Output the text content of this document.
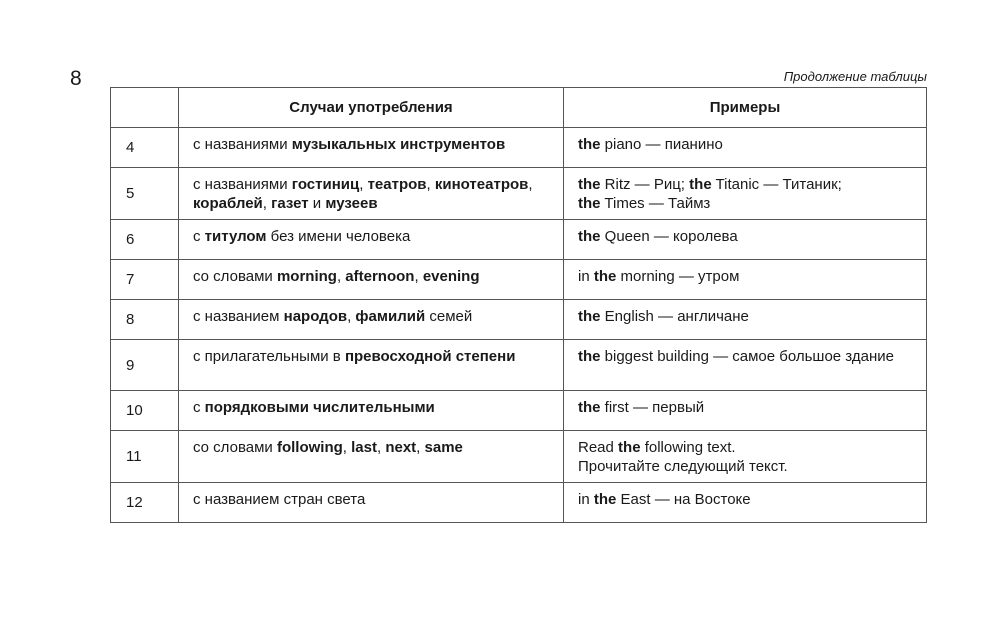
8	Продолжение таблицы
	Случаи употребления	Примеры
4	с названиями музыкальных инструментов	the piano — пианино

5	с названиями гостиниц, театров, кинотеатров, кораблей, газет и музеев	the Ritz — Риц; the Titanic — Титаник;
the Times — Таймз

6	с титулом без имени человека	the Queen — королева

7	со словами morning, afternoon, evening	in the morning — утром

8	с названием народов, фамилий семей	the English — англичане

9	с прилагательными в превосходной степени	the biggest building — самое большое здание

10	с порядковыми числительными	the first — первый

11	со словами following, last, next, same	Read the following text.
Прочитайте следующий текст.

12	с названием стран света	in the East — на Востоке
